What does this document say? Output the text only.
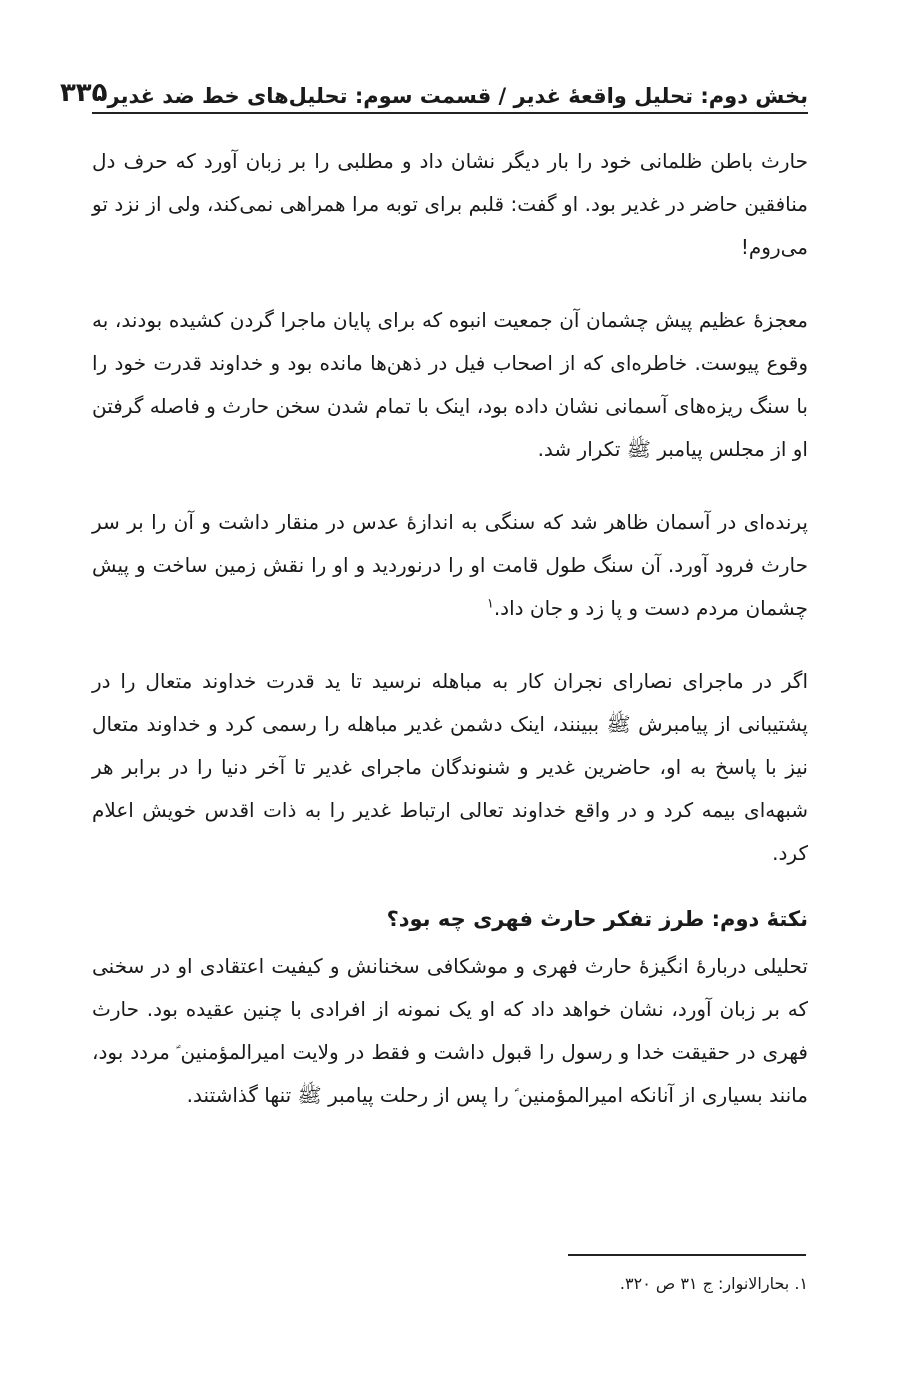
بخش دوم: تحلیل واقعهٔ غدیر / قسمت سوم: تحلیل‌های خط ضد غدیر
۳۳۵

حارث باطن ظلمانی خود را بار دیگر نشان داد و مطلبی را بر زبان آورد که حرف دل منافقین حاضر در غدیر بود. او گفت: قلبم برای توبه مرا همراهی نمی‌کند، ولی از نزد تو می‌روم!

معجزهٔ عظیم پیش چشمان آن جمعیت انبوه که برای پایان ماجرا گردن کشیده بودند، به وقوع پیوست. خاطره‌ای که از اصحاب فیل در ذهن‌ها مانده بود و خداوند قدرت خود را با سنگ ریزه‌های آسمانی نشان داده بود، اینک با تمام شدن سخن حارث و فاصله گرفتن او از مجلس پیامبر ﷺ تکرار شد.

پرنده‌ای در آسمان ظاهر شد که سنگی به اندازهٔ عدس در منقار داشت و آن را بر سر حارث فرود آورد. آن سنگ طول قامت او را درنوردید و او را نقش زمین ساخت و پیش چشمان مردم دست و پا زد و جان داد.$^۱$

اگر در ماجرای نصارای نجران کار به مباهله نرسید تا ید قدرت خداوند متعال را در پشتیبانی از پیامبرش ﷺ ببینند، اینک دشمن غدیر مباهله را رسمی کرد و خداوند متعال نیز با پاسخ به او، حاضرین غدیر و شنوندگان ماجرای غدیر تا آخر دنیا را در برابر هر شبهه‌ای بیمه کرد و در واقع خداوند تعالی ارتباط غدیر را به ذات اقدس خویش اعلام کرد.

نکتهٔ دوم: طرز تفکر حارث فهری چه بود؟

تحلیلی دربارهٔ انگیزهٔ حارث فهری و موشکافی سخنانش و کیفیت اعتقادی او در سخنی که بر زبان آورد، نشان خواهد داد که او یک نمونه از افرادی با چنین عقیده بود. حارث فهری در حقیقت خدا و رسول را قبول داشت و فقط در ولایت امیرالمؤمنین ؑ مردد بود، مانند بسیاری از آنانکه امیرالمؤمنین ؑ را پس از رحلت پیامبر ﷺ تنها گذاشتند.

۱. بحارالانوار: ج ۳۱ ص ۳۲۰.
